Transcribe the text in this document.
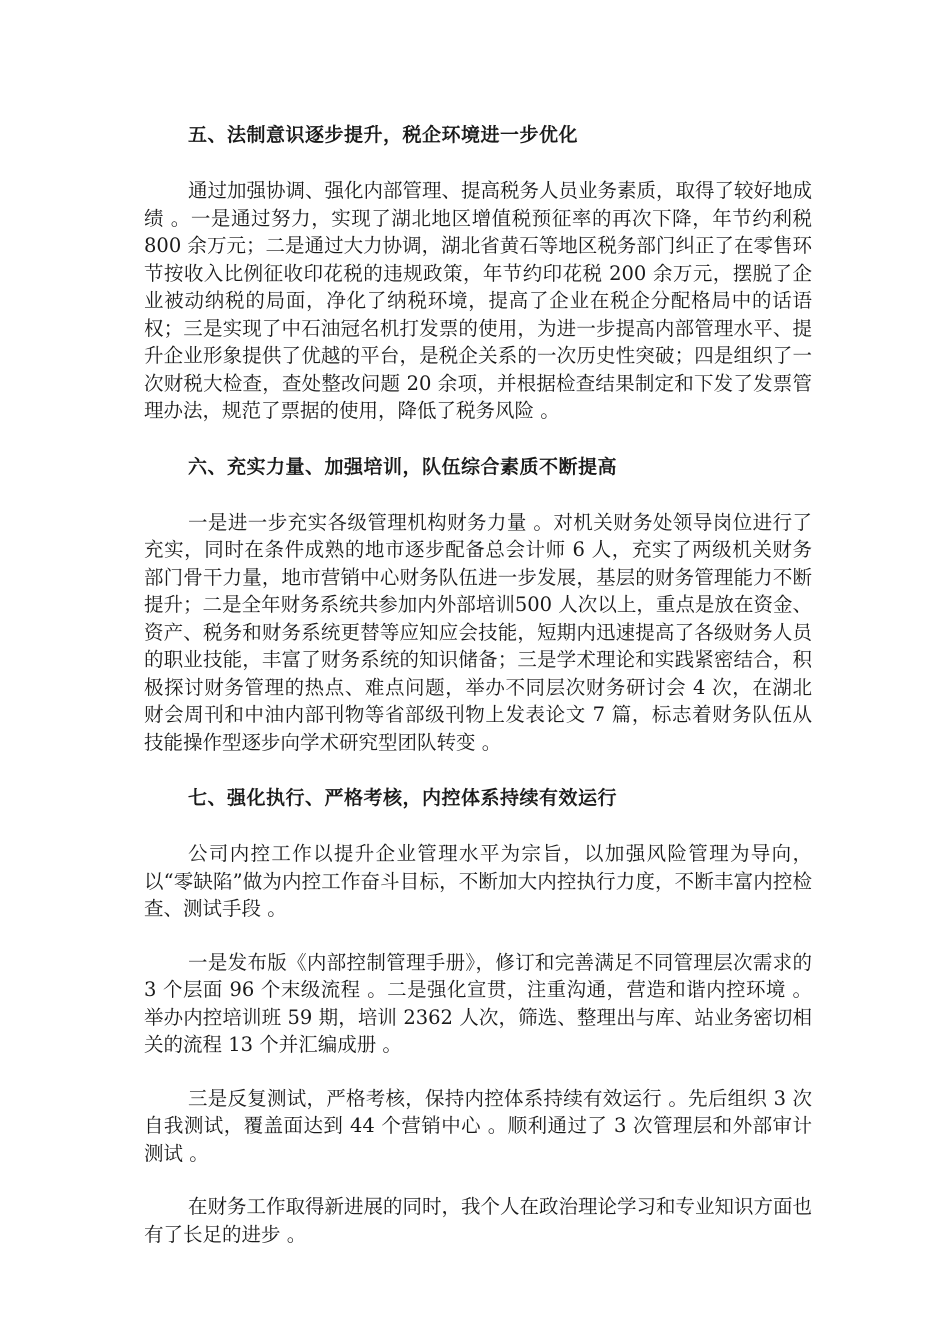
五、法制意识逐步提升，税企环境进一步优化

通过加强协调、强化内部管理、提高税务人员业务素质，取得了较好地成绩 。一是通过努力，实现了湖北地区增值税预征率的再次下降，年节约利税 800 余万元；二是通过大力协调，湖北省黄石等地区税务部门纠正了在零售环节按收入比例征收印花税的违规政策，年节约印花税 200 余万元，摆脱了企业被动纳税的局面，净化了纳税环境，提高了企业在税企分配格局中的话语权；三是实现了中石油冠名机打发票的使用，为进一步提高内部管理水平、提升企业形象提供了优越的平台，是税企关系的一次历史性突破；四是组织了一次财税大检查，查处整改问题 20 余项，并根据检查结果制定和下发了发票管理办法，规范了票据的使用，降低了税务风险 。

六、充实力量、加强培训，队伍综合素质不断提高

一是进一步充实各级管理机构财务力量 。对机关财务处领导岗位进行了充实，同时在条件成熟的地市逐步配备总会计师 6 人，充实了两级机关财务部门骨干力量，地市营销中心财务队伍进一步发展，基层的财务管理能力不断提升；二是全年财务系统共参加内外部培训500 人次以上，重点是放在资金、资产、税务和财务系统更替等应知应会技能，短期内迅速提高了各级财务人员的职业技能，丰富了财务系统的知识储备；三是学术理论和实践紧密结合，积极探讨财务管理的热点、难点问题，举办不同层次财务研讨会 4 次，在湖北财会周刊和中油内部刊物等省部级刊物上发表论文 7 篇，标志着财务队伍从技能操作型逐步向学术研究型团队转变 。

七、强化执行、严格考核，内控体系持续有效运行

公司内控工作以提升企业管理水平为宗旨，以加强风险管理为导向，以“零缺陷”做为内控工作奋斗目标，不断加大内控执行力度，不断丰富内控检查、测试手段 。

一是发布版《内部控制管理手册》，修订和完善满足不同管理层次需求的 3 个层面 96 个末级流程 。二是强化宣贯，注重沟通，营造和谐内控环境 。举办内控培训班 59 期，培训 2362 人次，筛选、整理出与库、站业务密切相关的流程 13 个并汇编成册 。

三是反复测试，严格考核，保持内控体系持续有效运行 。先后组织 3 次自我测试，覆盖面达到 44 个营销中心 。顺利通过了 3 次管理层和外部审计测试 。

在财务工作取得新进展的同时，我个人在政治理论学习和专业知识方面也有了长足的进步 。
